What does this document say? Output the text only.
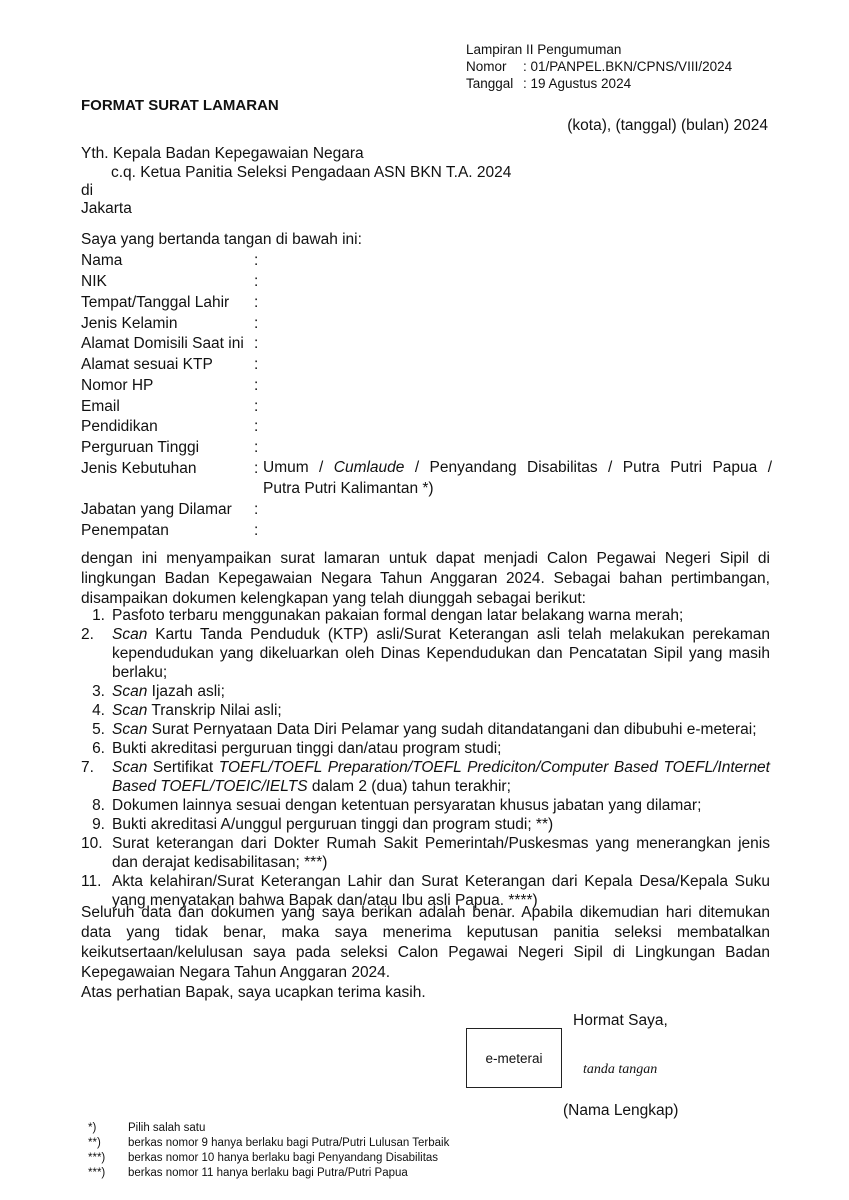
Lampiran II Pengumuman
Nomor : 01/PANPEL.BKN/CPNS/VIII/2024
Tanggal : 19 Agustus 2024
FORMAT SURAT LAMARAN
(kota), (tanggal) (bulan) 2024
Yth. Kepala Badan Kepegawaian Negara
c.q. Ketua Panitia Seleksi Pengadaan ASN BKN T.A. 2024
di
Jakarta
Saya yang bertanda tangan di bawah ini:
Nama	:
NIK	:
Tempat/Tanggal Lahir :
Jenis Kelamin	:
Alamat Domisili Saat ini :
Alamat sesuai KTP	:
Nomor HP	:
Email	:
Pendidikan	:
Perguruan Tinggi	:
Jenis Kebutuhan	: Umum / Cumlaude / Penyandang Disabilitas / Putra Putri Papua /
Putra Putri Kalimantan *)
Jabatan yang Dilamar :
Penempatan	:
dengan ini menyampaikan surat lamaran untuk dapat menjadi Calon Pegawai Negeri Sipil di lingkungan Badan Kepegawaian Negara Tahun Anggaran 2024. Sebagai bahan pertimbangan, disampaikan dokumen kelengkapan yang telah diunggah sebagai berikut:
1. Pasfoto terbaru menggunakan pakaian formal dengan latar belakang warna merah;
2.	Scan Kartu Tanda Penduduk (KTP) asli/Surat Keterangan asli telah melakukan perekaman kependudukan yang dikeluarkan oleh Dinas Kependudukan dan Pencatatan Sipil yang masih berlaku;
3. Scan Ijazah asli;
4. Scan Transkrip Nilai asli;
5. Scan Surat Pernyataan Data Diri Pelamar yang sudah ditandatangani dan dibubuhi e-meterai;
6. Bukti akreditasi perguruan tinggi dan/atau program studi;
7.	Scan Sertifikat TOEFL/TOEFL Preparation/TOEFL Prediciton/Computer Based TOEFL/Internet Based TOEFL/TOEIC/IELTS dalam 2 (dua) tahun terakhir;
8. Dokumen lainnya sesuai dengan ketentuan persyaratan khusus jabatan yang dilamar;
9. Bukti akreditasi A/unggul perguruan tinggi dan program studi; **)
10. Surat keterangan dari Dokter Rumah Sakit Pemerintah/Puskesmas yang menerangkan jenis dan derajat kedisabilitasan; ***)
11. Akta kelahiran/Surat Keterangan Lahir dan Surat Keterangan dari Kepala Desa/Kepala Suku yang menyatakan bahwa Bapak dan/atau Ibu asli Papua. ****)
Seluruh data dan dokumen yang saya berikan adalah benar. Apabila dikemudian hari ditemukan data yang tidak benar, maka saya menerima keputusan panitia seleksi membatalkan keikutsertaan/kelulusan saya pada seleksi Calon Pegawai Negeri Sipil di Lingkungan Badan Kepegawaian Negara Tahun Anggaran 2024.
Atas perhatian Bapak, saya ucapkan terima kasih.
Hormat Saya,
e-meterai
tanda tangan
(Nama Lengkap)
*)	Pilih salah satu
**) berkas nomor 9 hanya berlaku bagi Putra/Putri Lulusan Terbaik
***) berkas nomor 10 hanya berlaku bagi Penyandang Disabilitas
***) berkas nomor 11 hanya berlaku bagi Putra/Putri Papua
